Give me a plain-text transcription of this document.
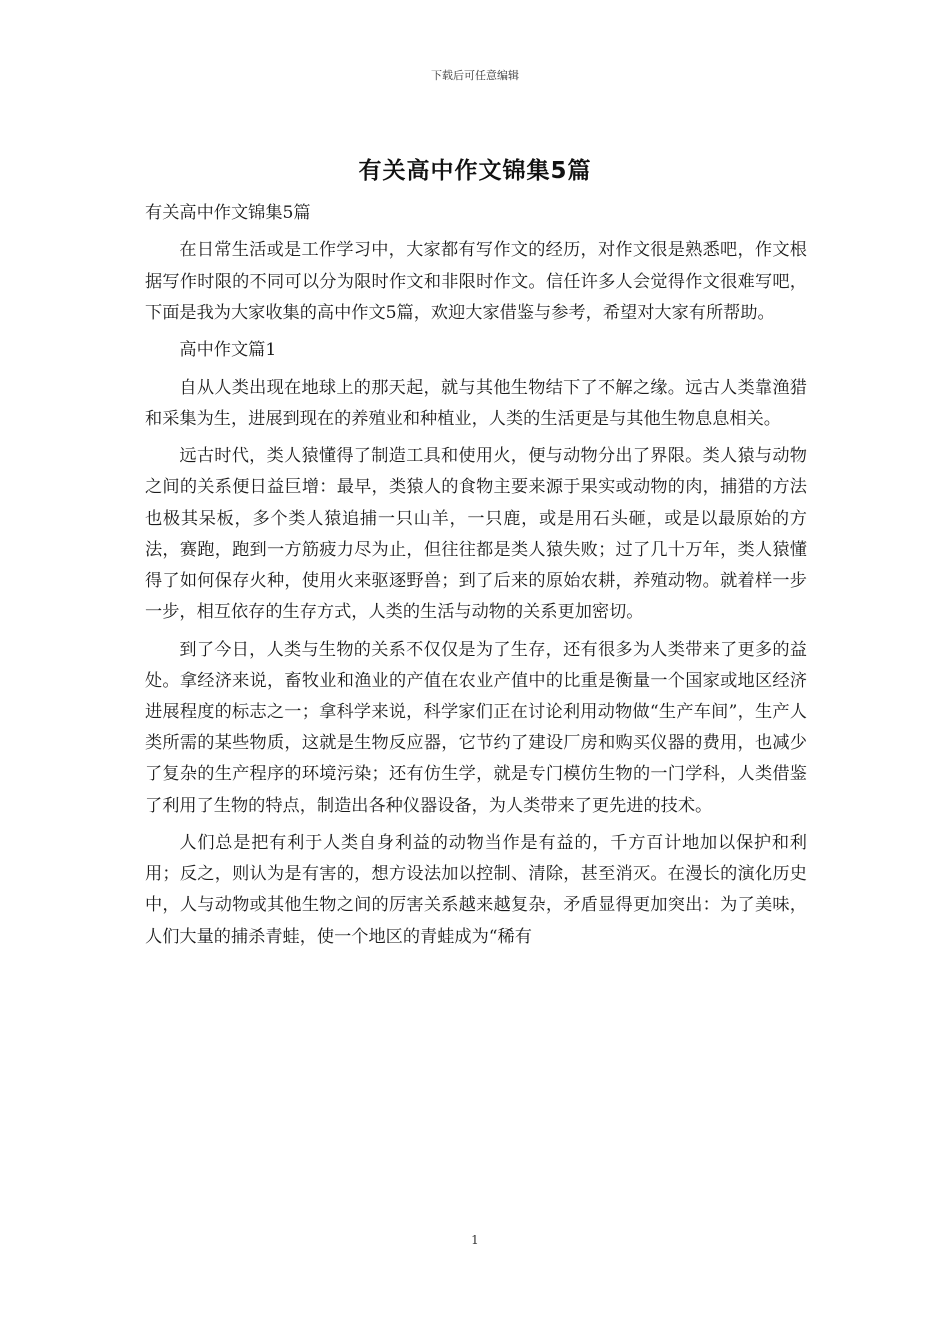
下载后可任意编辑
有关高中作文锦集5篇

有关高中作文锦集5篇

在日常生活或是工作学习中，大家都有写作文的经历，对作文很是熟悉吧，作文根据写作时限的不同可以分为限时作文和非限时作文。信任许多人会觉得作文很难写吧，下面是我为大家收集的高中作文5篇，欢迎大家借鉴与参考，希望对大家有所帮助。

高中作文篇1

自从人类出现在地球上的那天起，就与其他生物结下了不解之缘。远古人类靠渔猎和采集为生，进展到现在的养殖业和种植业，人类的生活更是与其他生物息息相关。

远古时代，类人猿懂得了制造工具和使用火，便与动物分出了界限。类人猿与动物之间的关系便日益巨增：最早，类猿人的食物主要来源于果实或动物的肉，捕猎的方法也极其呆板，多个类人猿追捕一只山羊，一只鹿，或是用石头砸，或是以最原始的方法，赛跑，跑到一方筋疲力尽为止，但往往都是类人猿失败；过了几十万年，类人猿懂得了如何保存火种，使用火来驱逐野兽；到了后来的原始农耕，养殖动物。就着样一步一步，相互依存的生存方式，人类的生活与动物的关系更加密切。

到了今日，人类与生物的关系不仅仅是为了生存，还有很多为人类带来了更多的益处。拿经济来说，畜牧业和渔业的产值在农业产值中的比重是衡量一个国家或地区经济进展程度的标志之一；拿科学来说，科学家们正在讨论利用动物做“生产车间”，生产人类所需的某些物质，这就是生物反应器，它节约了建设厂房和购买仪器的费用，也减少了复杂的生产程序的环境污染；还有仿生学，就是专门模仿生物的一门学科，人类借鉴了利用了生物的特点，制造出各种仪器设备，为人类带来了更先进的技术。

人们总是把有利于人类自身利益的动物当作是有益的，千方百计地加以保护和利用；反之，则认为是有害的，想方设法加以控制、清除，甚至消灭。在漫长的演化历史中，人与动物或其他生物之间的厉害关系越来越复杂，矛盾显得更加突出：为了美味，人们大量的捕杀青蛙，使一个地区的青蛙成为“稀有

1
